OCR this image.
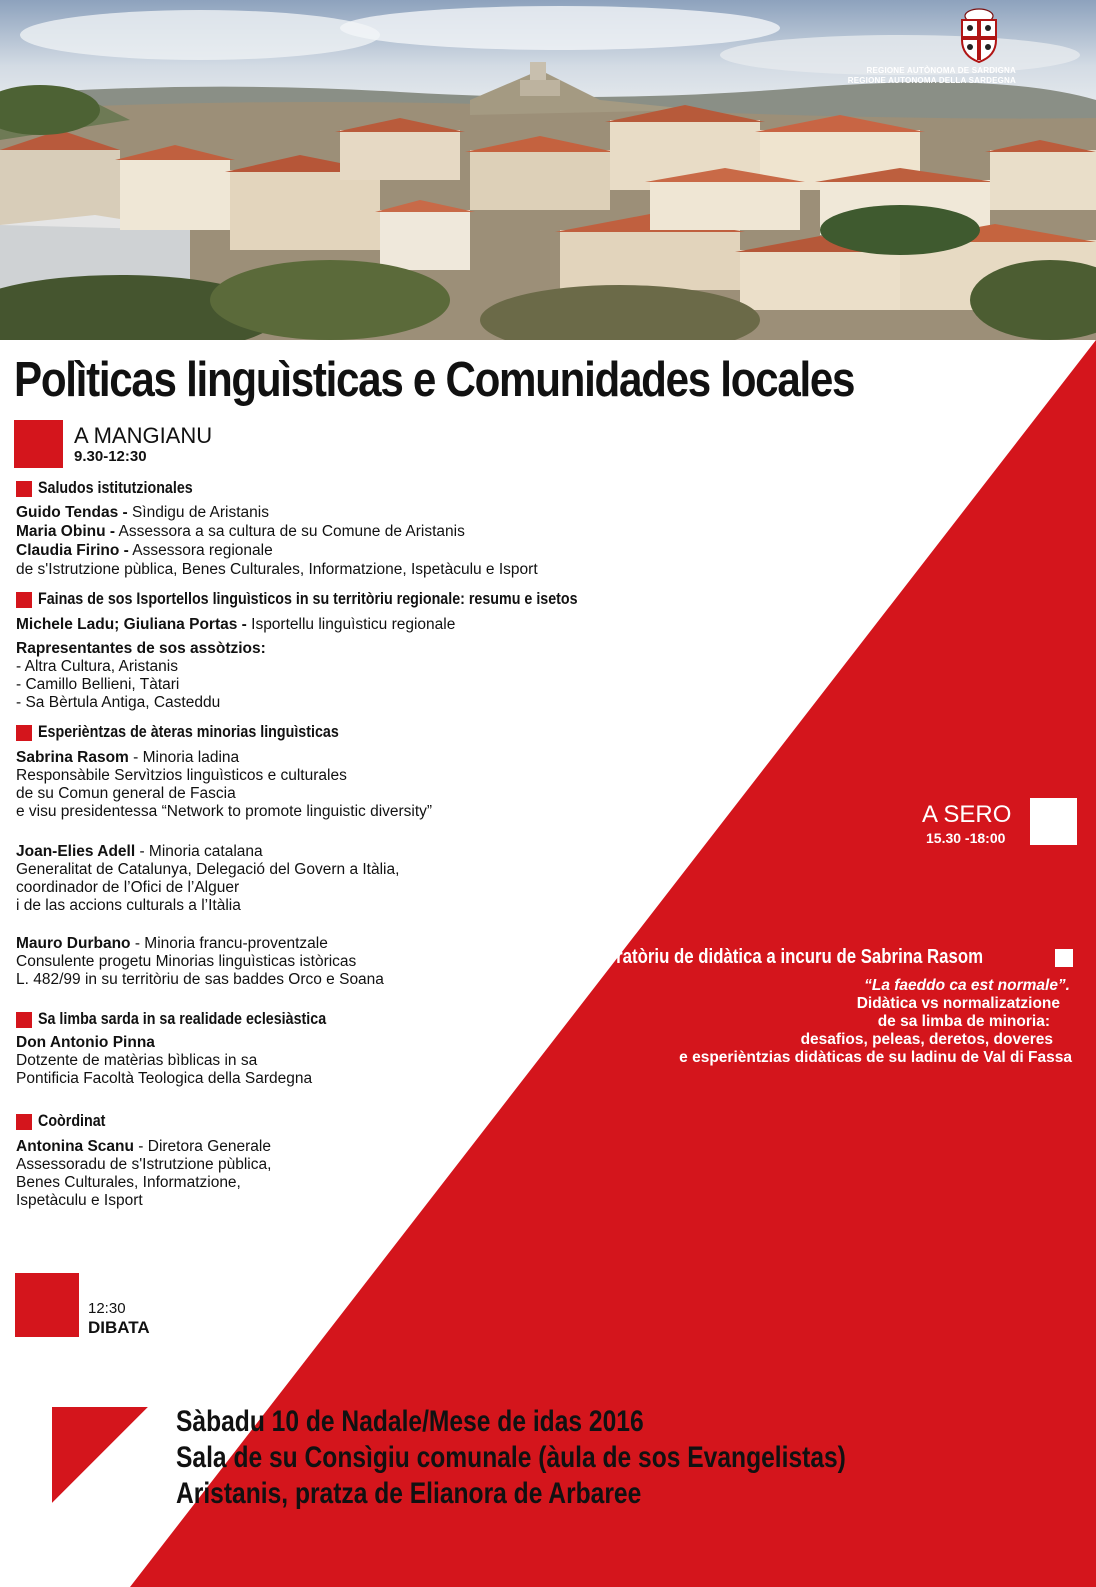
REGIONE AUTÒNOMA DE SARDIGNA
REGIONE AUTONOMA DELLA SARDEGNA
Polìticas linguìsticas e Comunidades locales
A MANGIANU
9.30-12:30
Saludos istitutzionales
Guido Tendas - Sìndigu de Aristanis
Maria Obinu - Assessora a sa cultura de su Comune de Aristanis
Claudia Firino - Assessora regionale
de s'Istrutzione pùblica, Benes Culturales, Informatzione, Ispetàculu e Isport
Fainas de sos Isportellos linguìsticos in su territòriu regionale: resumu e isetos
Michele Ladu; Giuliana Portas - Isportellu linguìsticu regionale
Rapresentantes de sos assòtzios:
- Altra Cultura, Aristanis
- Camillo Bellieni, Tàtari
- Sa Bèrtula Antiga, Casteddu
Esperièntzas de àteras minorias linguìsticas
Sabrina Rasom - Minoria ladina
Responsàbile Servìtzios linguìsticos e culturales
de su Comun general de Fascia
e visu presidentessa “Network to promote linguistic diversity”
Joan-Elies Adell - Minoria catalana
Generalitat de Catalunya, Delegació del Govern a Itàlia,
coordinador de l’Ofici de l’Alguer
i de las accions culturals a l’Itàlia
Mauro Durbano - Minoria francu-proventzale
Consulente progetu Minorias linguìsticas istòricas
L. 482/99 in su territòriu de sas baddes Orco e Soana
Sa limba sarda in sa realidade eclesiàstica
Don Antonio Pinna
Dotzente de matèrias bìblicas in sa
Pontificia Facoltà Teologica della Sardegna
Coòrdinat
Antonina Scanu - Diretora Generale
Assessoradu de s'Istrutzione pùblica,
Benes Culturales, Informatzione,
Ispetàculu e Isport
12:30
DIBATA
A SERO
15.30 -18:00
Laboratòriu de didàtica a incuru de Sabrina Rasom
“La faeddo ca est normale”.
Didàtica vs normalizatzione
de sa limba de minoria:
desafios, peleas, deretos, doveres
e esperièntzias didàticas de su ladinu de Val di Fassa
Sàbadu 10 de Nadale/Mese de idas 2016
Sala de su Consìgiu comunale (àula de sos Evangelistas)
Aristanis, pratza de Elianora de Arbaree
